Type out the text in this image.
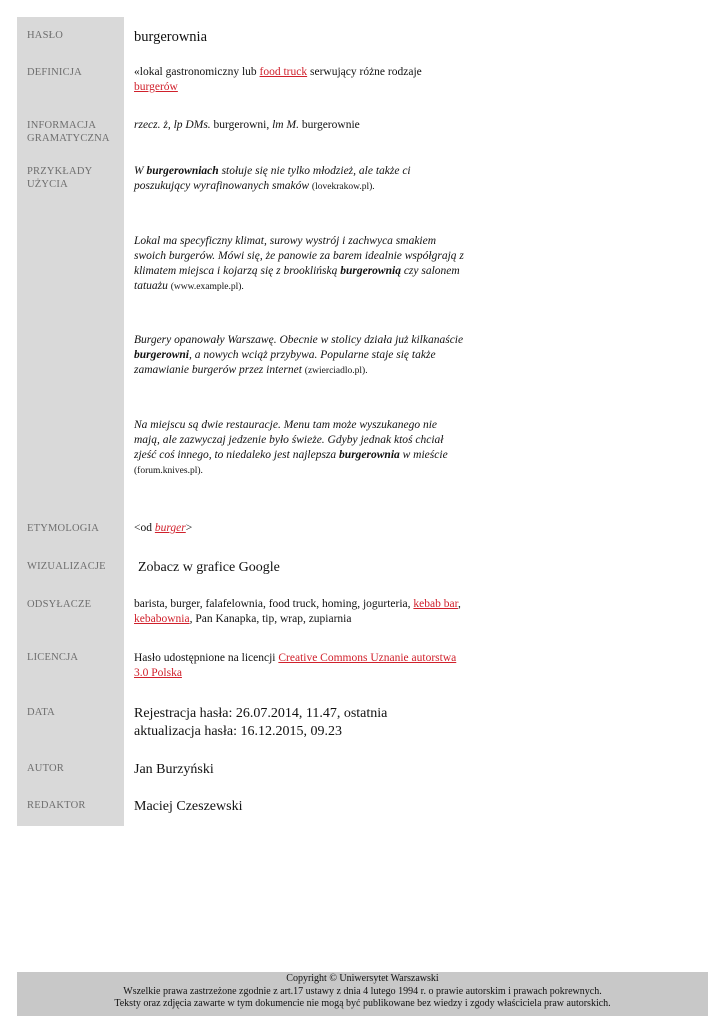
HASŁO
DEFINICJA
INFORMACJA
GRAMATYCZNA
PRZYKŁADY
UŻYCIA
ETYMOLOGIA
WIZUALIZACJE
ODSYŁACZE
LICENCJA
DATA
AUTOR
REDAKTOR
burgerownia
«lokal gastronomiczny lub food truck serwujący różne rodzaje burgerów
rzecz. ż, lp DMs. burgerowni, lm M. burgerownie
W burgerowniach stołuje się nie tylko młodzież, ale także ci poszukujący wyrafinowanych smaków (lovekrakow.pl).
Lokal ma specyficzny klimat, surowy wystrój i zachwyca smakiem swoich burgerów. Mówi się, że panowie za barem idealnie współgrają z klimatem miejsca i kojarzą się z brooklińską burgerownią czy salonem tatuażu (www.example.pl).
Burgery opanowały Warszawę. Obecnie w stolicy działa już kilkanaście burgerowni, a nowych wciąż przybywa. Popularne staje się także zamawianie burgerów przez internet (zwierciadlo.pl).
Na miejscu są dwie restauracje. Menu tam może wyszukanego nie mają, ale zazwyczaj jedzenie było świeże. Gdyby jednak ktoś chciał zjeść coś innego, to niedaleko jest najlepsza burgerownia w mieście (forum.knives.pl).
<od burger>
Zobacz w grafice Google
barista, burger, falafelownia, food truck, homing, jogurteria, kebab bar, kebabownia, Pan Kanapka, tip, wrap, zupiarnia
Hasło udostępnione na licencji Creative Commons Uznanie autorstwa 3.0 Polska
Rejestracja hasła: 26.07.2014, 11.47, ostatnia aktualizacja hasła: 16.12.2015, 09.23
Jan Burzyński
Maciej Czeszewski
Copyright © Uniwersytet Warszawski
Wszelkie prawa zastrzeżone zgodnie z art.17 ustawy z dnia 4 lutego 1994 r. o prawie autorskim i prawach pokrewnych.
Teksty oraz zdjęcia zawarte w tym dokumencie nie mogą być publikowane bez wiedzy i zgody właściciela praw autorskich.
